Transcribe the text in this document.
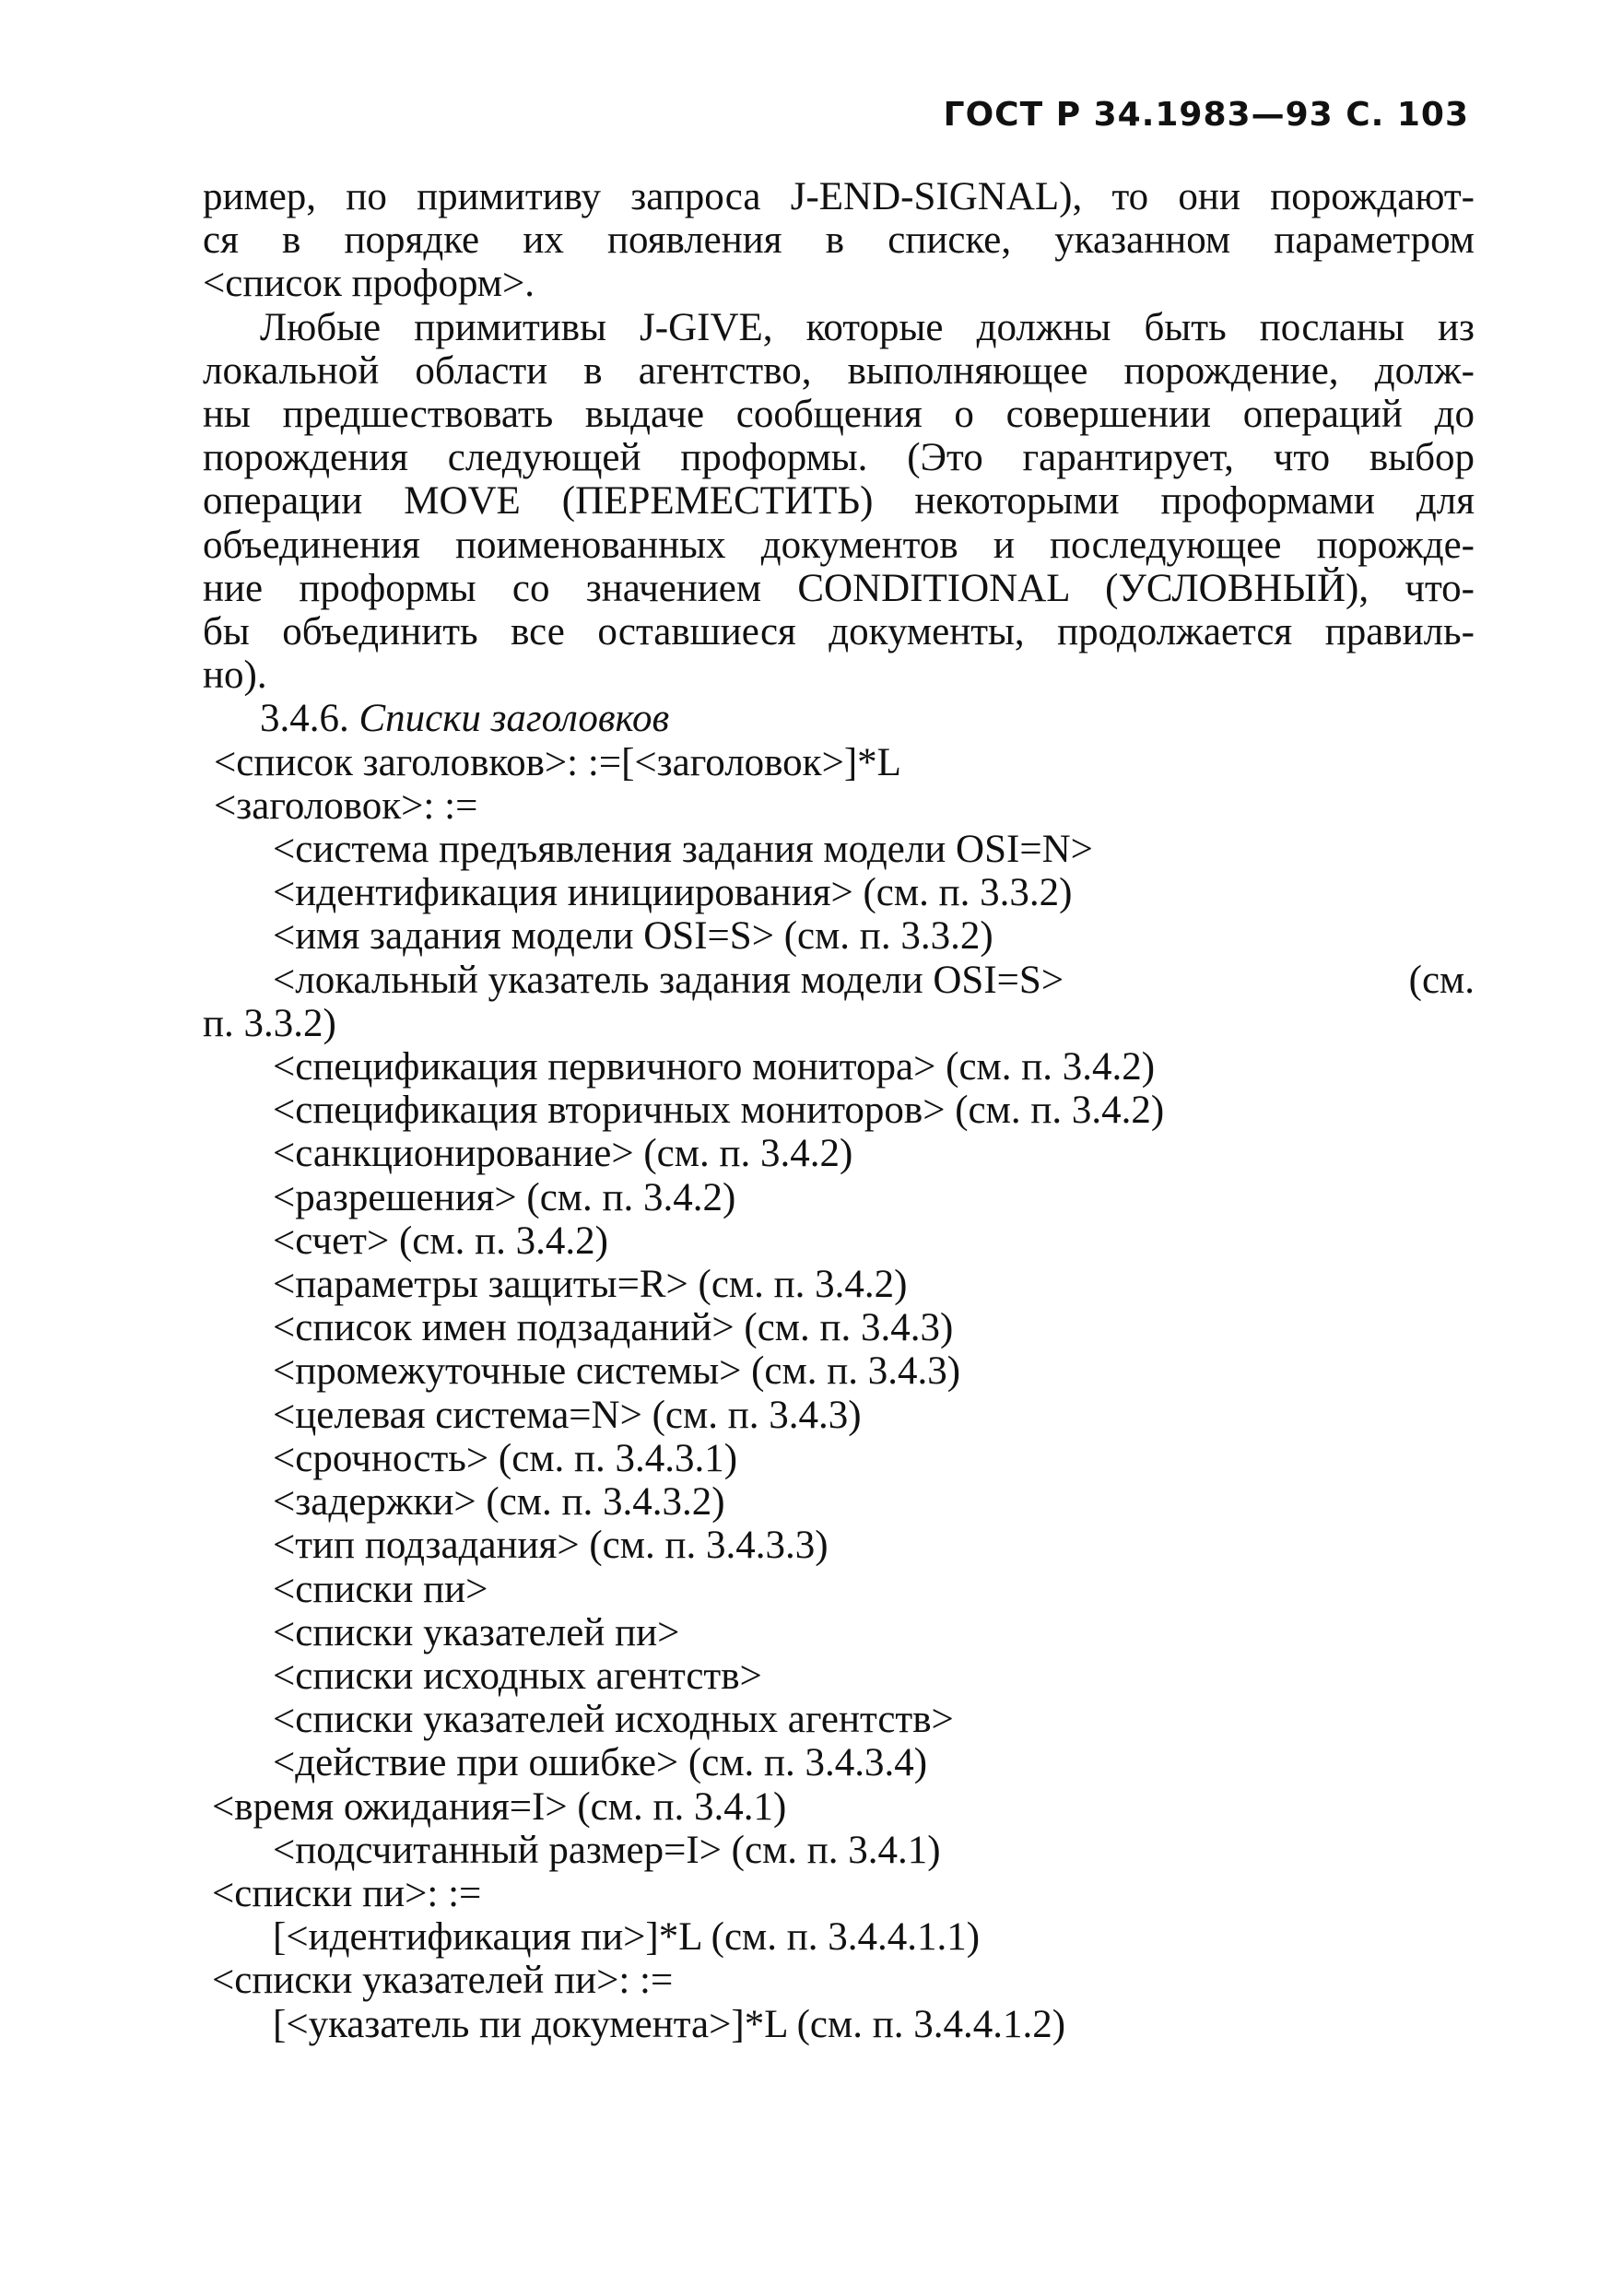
ГОСТ Р 34.1983—93 С. 103

ример, по примитиву запроса J-END-SIGNAL), то они порождают-
ся в порядке их появления в списке, указанном параметром
<список проформ>.

Любые примитивы J-GIVE, которые должны быть посланы из
локальной области в агентство, выполняющее порождение, долж-
ны предшествовать выдаче сообщения о совершении операций до
порождения следующей проформы. (Это гарантирует, что выбор
операции MOVE (ПЕРЕМЕСТИТЬ) некоторыми проформами для
объединения поименованных документов и последующее порожде-
ние проформы со значением CONDITIONAL (УСЛОВНЫЙ), что-
бы объединить все оставшиеся документы, продолжается правиль-
но).

3.4.6. Списки заголовков

<список заголовков>: :=[<заголовок>]*L
<заголовок>: :=
<система предъявления задания модели OSI=N>
<идентификация инициирования> (см. п. 3.3.2)
<имя задания модели OSI=S> (см. п. 3.3.2)
<локальный указатель задания модели OSI=S>	(см.
п. 3.3.2)
<спецификация первичного монитора> (см. п. 3.4.2)
<спецификация вторичных мониторов> (см. п. 3.4.2)
<санкционирование> (см. п. 3.4.2)
<разрешения> (см. п. 3.4.2)
<счет> (см. п. 3.4.2)
<параметры защиты=R> (см. п. 3.4.2)
<список имен подзаданий> (см. п. 3.4.3)
<промежуточные системы> (см. п. 3.4.3)
<целевая система=N> (см. п. 3.4.3)
<срочность> (см. п. 3.4.3.1)
<задержки> (см. п. 3.4.3.2)
<тип подзадания> (см. п. 3.4.3.3)
<списки пи>
<списки указателей пи>
<списки исходных агентств>
<списки указателей исходных агентств>
<действие при ошибке> (см. п. 3.4.3.4)
<время ожидания=I> (см. п. 3.4.1)
<подсчитанный размер=I> (см. п. 3.4.1)
<списки пи>: :=
[<идентификация пи>]*L (см. п. 3.4.4.1.1)
<списки указателей пи>: :=
[<указатель пи документа>]*L (см. п. 3.4.4.1.2)
